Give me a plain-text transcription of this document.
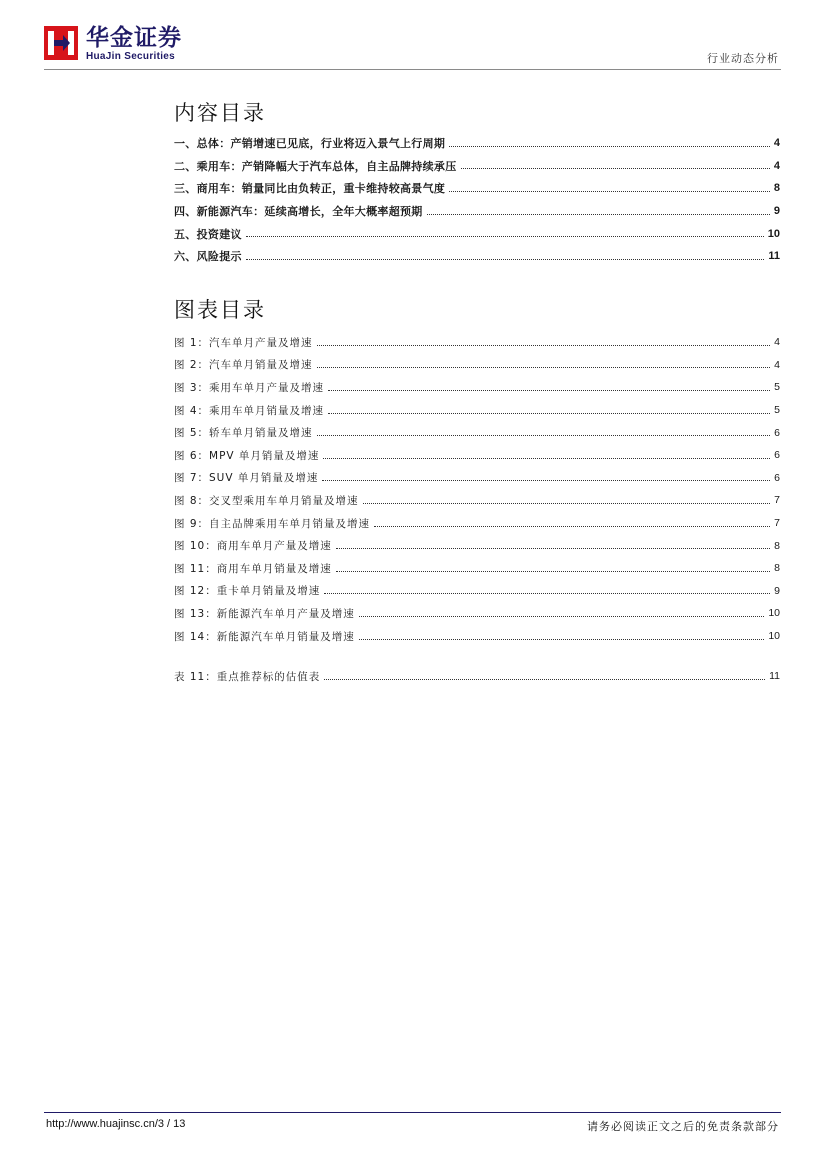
华金证券
HuaJin Securities	行业动态分析
内容目录
一、总体：产销增速已见底，行业将迈入景气上行周期	4
二、乘用车：产销降幅大于汽车总体，自主品牌持续承压	4
三、商用车：销量同比由负转正，重卡维持较高景气度	8
四、新能源汽车：延续高增长，全年大概率超预期	9
五、投资建议	10
六、风险提示	11
图表目录
图 1：汽车单月产量及增速	4
图 2：汽车单月销量及增速	4
图 3：乘用车单月产量及增速	5
图 4：乘用车单月销量及增速	5
图 5：轿车单月销量及增速	6
图 6：MPV 单月销量及增速	6
图 7：SUV 单月销量及增速	6
图 8：交叉型乘用车单月销量及增速	7
图 9：自主品牌乘用车单月销量及增速	7
图 10：商用车单月产量及增速	8
图 11：商用车单月销量及增速	8
图 12：重卡单月销量及增速	9
图 13：新能源汽车单月产量及增速	10
图 14：新能源汽车单月销量及增速	10
表 11：重点推荐标的估值表	11
http://www.huajinsc.cn/3 / 13	请务必阅读正文之后的免责条款部分
